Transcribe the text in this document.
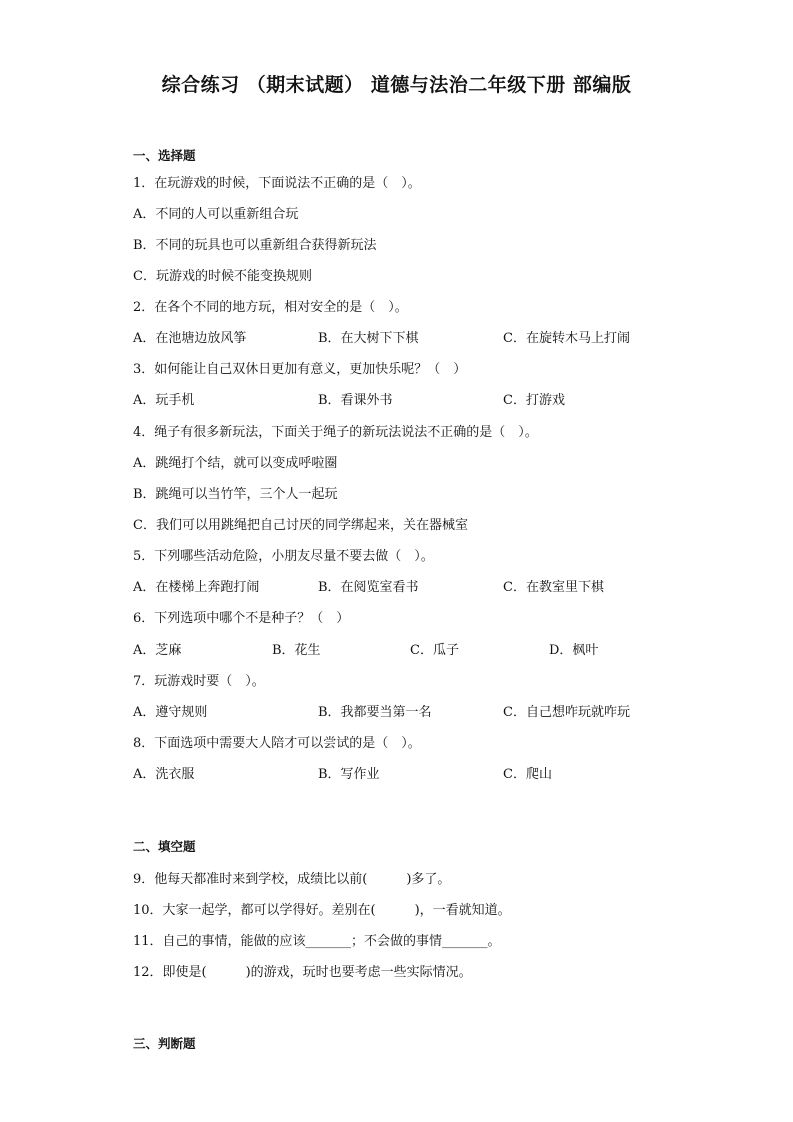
综合练习 （期末试题） 道德与法治二年级下册 部编版
一、选择题
1．在玩游戏的时候，下面说法不正确的是（　）。
A．不同的人可以重新组合玩
B．不同的玩具也可以重新组合获得新玩法
C．玩游戏的时候不能变换规则
2．在各个不同的地方玩，相对安全的是（　）。
A．在池塘边放风筝	B．在大树下下棋	C．在旋转木马上打闹
3．如何能让自己双休日更加有意义，更加快乐呢？（　）
A．玩手机	B．看课外书	C．打游戏
4．绳子有很多新玩法，下面关于绳子的新玩法说法不正确的是（　）。
A．跳绳打个结，就可以变成呼啦圈
B．跳绳可以当竹竿，三个人一起玩
C．我们可以用跳绳把自己讨厌的同学绑起来，关在器械室
5．下列哪些活动危险，小朋友尽量不要去做（　）。
A．在楼梯上奔跑打闹	B．在阅览室看书	C．在教室里下棋
6．下列选项中哪个不是种子？（　）
A．芝麻	B．花生	C．瓜子	D．枫叶
7．玩游戏时要（　）。
A．遵守规则	B．我都要当第一名	C．自己想咋玩就咋玩
8．下面选项中需要大人陪才可以尝试的是（　）。
A．洗衣服	B．写作业	C．爬山
二、填空题
9．他每天都准时来到学校，成绩比以前(　　　)多了。
10．大家一起学，都可以学得好。差别在(　　　)，一看就知道。
11．自己的事情，能做的应该_______；不会做的事情_______。
12．即使是(　　　)的游戏，玩时也要考虑一些实际情况。
三、判断题
